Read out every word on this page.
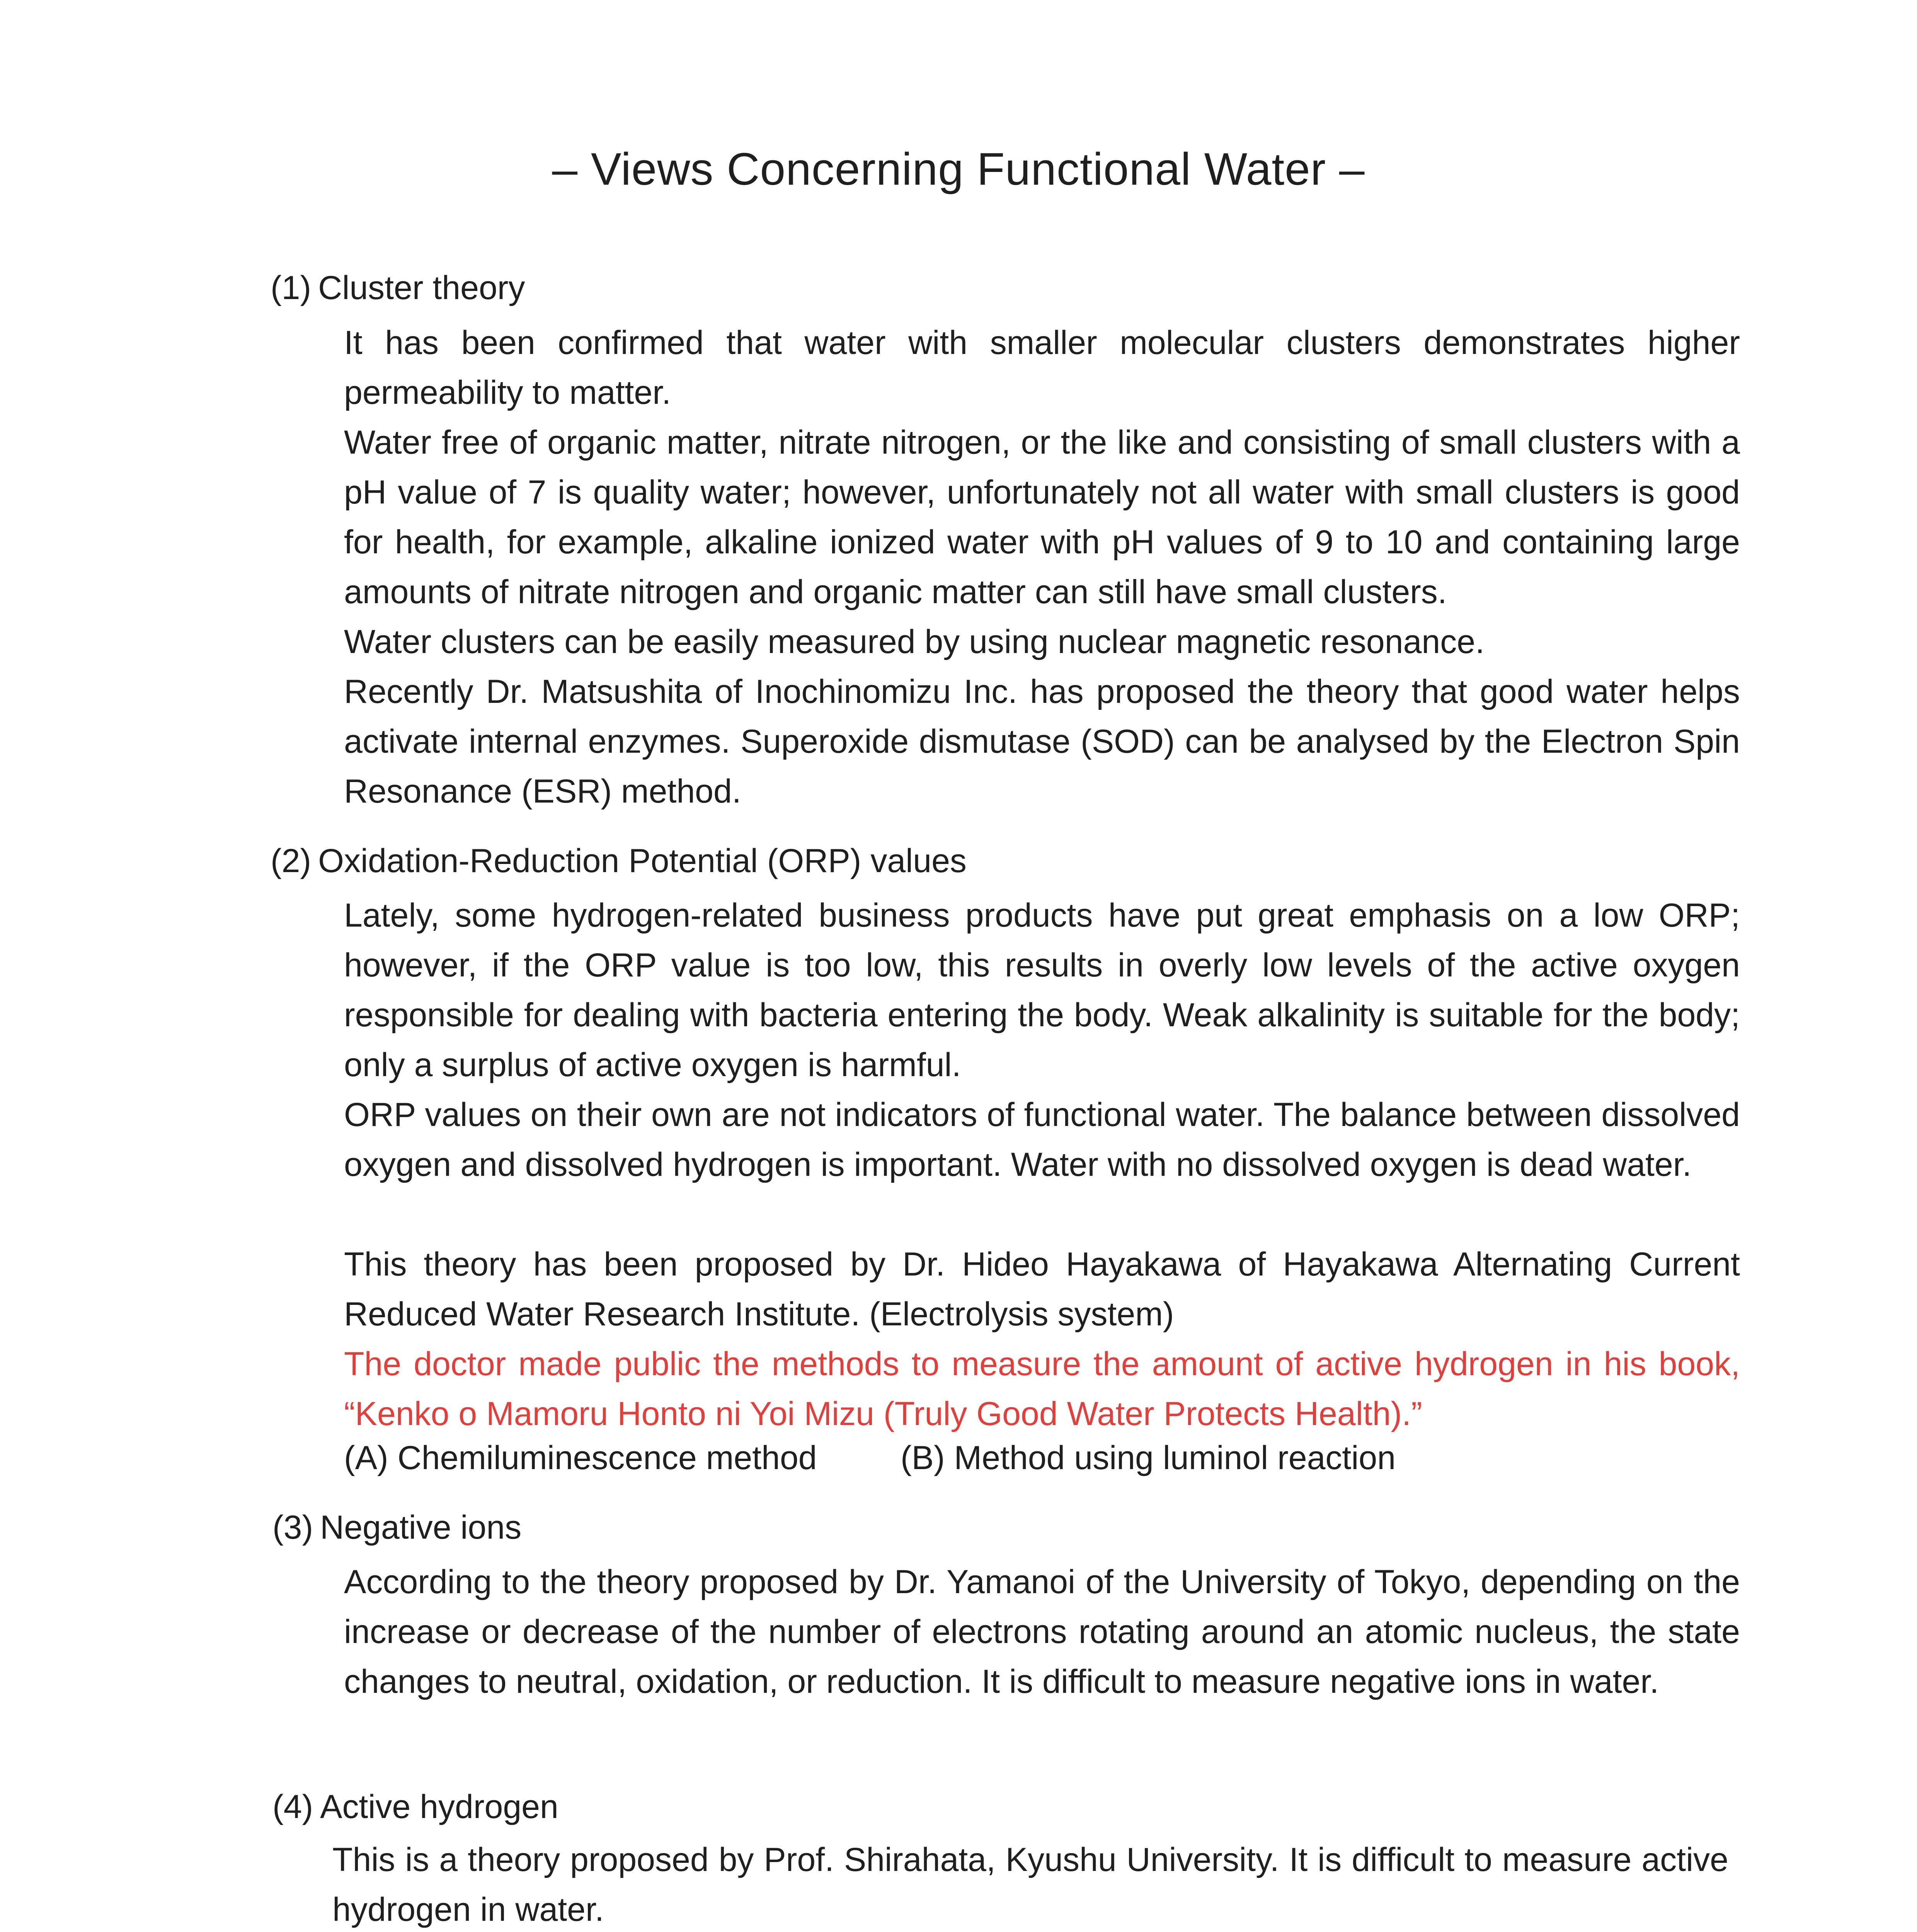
– Views Concerning Functional Water –
(1) Cluster theory
It has been confirmed that water with smaller molecular clusters demonstrates higher permeability to matter.
Water free of organic matter, nitrate nitrogen, or the like and consisting of small clusters with a pH value of 7 is quality water; however, unfortunately not all water with small clusters is good for health, for example, alkaline ionized water with pH values of 9 to 10 and containing large amounts of nitrate nitrogen and organic matter can still have small clusters.
Water clusters can be easily measured by using nuclear magnetic resonance.
Recently Dr. Matsushita of Inochinomizu Inc. has proposed the theory that good water helps activate internal enzymes. Superoxide dismutase (SOD) can be analysed by the Electron Spin Resonance (ESR) method.
(2) Oxidation-Reduction Potential (ORP) values
Lately, some hydrogen-related business products have put great emphasis on a low ORP; however, if the ORP value is too low, this results in overly low levels of the active oxygen responsible for dealing with bacteria entering the body. Weak alkalinity is suitable for the body; only a surplus of active oxygen is harmful.
ORP values on their own are not indicators of functional water. The balance between dissolved oxygen and dissolved hydrogen is important. Water with no dissolved oxygen is dead water.
This theory has been proposed by Dr. Hideo Hayakawa of Hayakawa Alternating Current Reduced Water Research Institute. (Electrolysis system)
The doctor made public the methods to measure the amount of active hydrogen in his book, “Kenko o Mamoru Honto ni Yoi Mizu (Truly Good Water Protects Health).”
(A) Chemiluminescence method	(B) Method using luminol reaction
(3) Negative ions
According to the theory proposed by Dr. Yamanoi of the University of Tokyo, depending on the increase or decrease of the number of electrons rotating around an atomic nucleus, the state changes to neutral, oxidation, or reduction. It is difficult to measure negative ions in water.
(4) Active hydrogen
This is a theory proposed by Prof. Shirahata, Kyushu University. It is difficult to measure active hydrogen in water.
